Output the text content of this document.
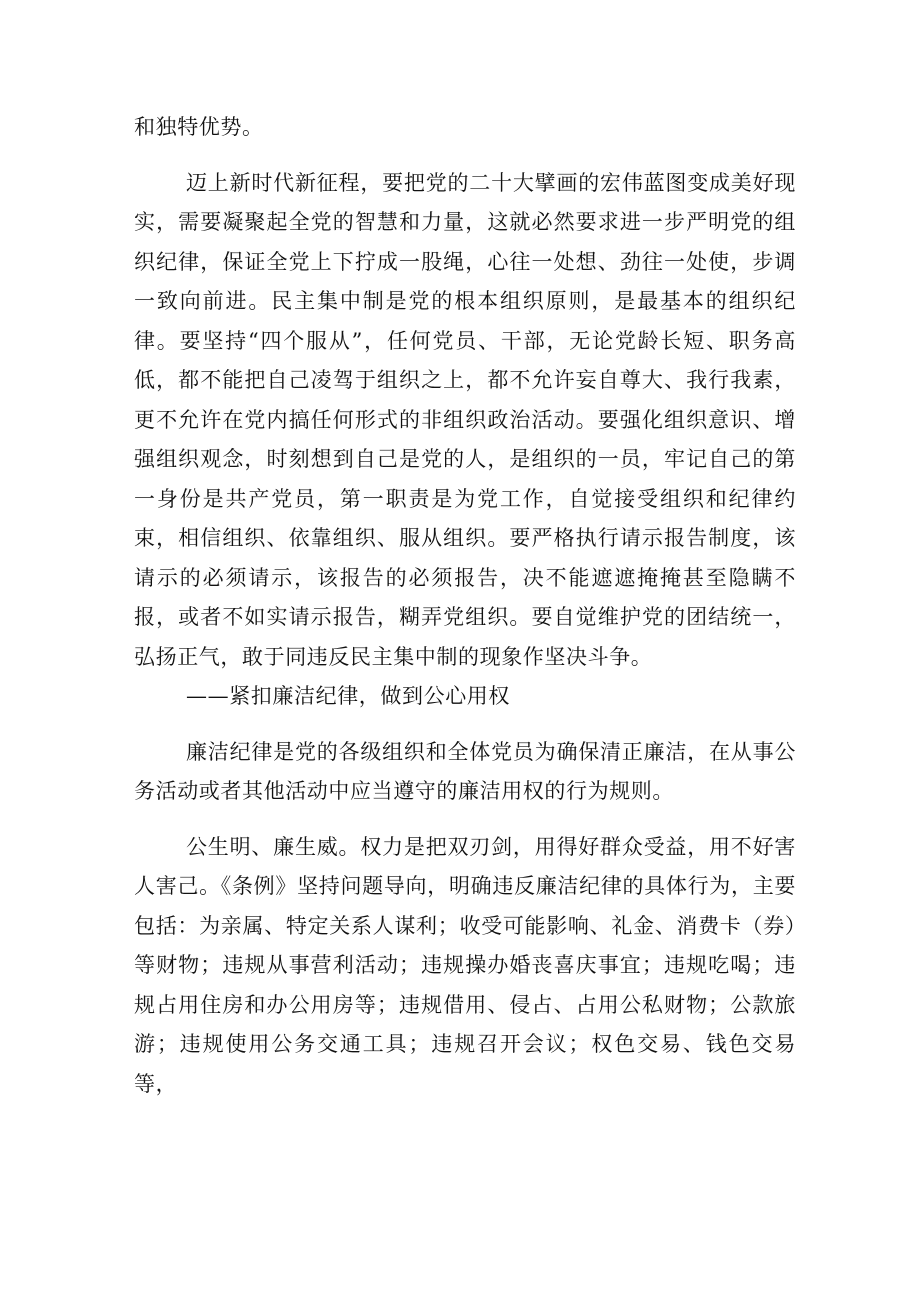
和独特优势。

迈上新时代新征程，要把党的二十大擘画的宏伟蓝图变成美好现实，需要凝聚起全党的智慧和力量，这就必然要求进一步严明党的组织纪律，保证全党上下拧成一股绳，心往一处想、劲往一处使，步调一致向前进。民主集中制是党的根本组织原则，是最基本的组织纪律。要坚持“四个服从”，任何党员、干部，无论党龄长短、职务高低，都不能把自己凌驾于组织之上，都不允许妄自尊大、我行我素，更不允许在党内搞任何形式的非组织政治活动。要强化组织意识、增强组织观念，时刻想到自己是党的人，是组织的一员，牢记自己的第一身份是共产党员，第一职责是为党工作，自觉接受组织和纪律约束，相信组织、依靠组织、服从组织。要严格执行请示报告制度，该请示的必须请示，该报告的必须报告，决不能遮遮掩掩甚至隐瞒不报，或者不如实请示报告，糊弄党组织。要自觉维护党的团结统一，弘扬正气，敢于同违反民主集中制的现象作坚决斗争。

——紧扣廉洁纪律，做到公心用权

廉洁纪律是党的各级组织和全体党员为确保清正廉洁，在从事公务活动或者其他活动中应当遵守的廉洁用权的行为规则。

公生明、廉生威。权力是把双刃剑，用得好群众受益，用不好害人害己。《条例》坚持问题导向，明确违反廉洁纪律的具体行为，主要包括：为亲属、特定关系人谋利；收受可能影响、礼金、消费卡（券）等财物；违规从事营利活动；违规操办婚丧喜庆事宜；违规吃喝；违规占用住房和办公用房等；违规借用、侵占、占用公私财物；公款旅游；违规使用公务交通工具；违规召开会议；权色交易、钱色交易等，
